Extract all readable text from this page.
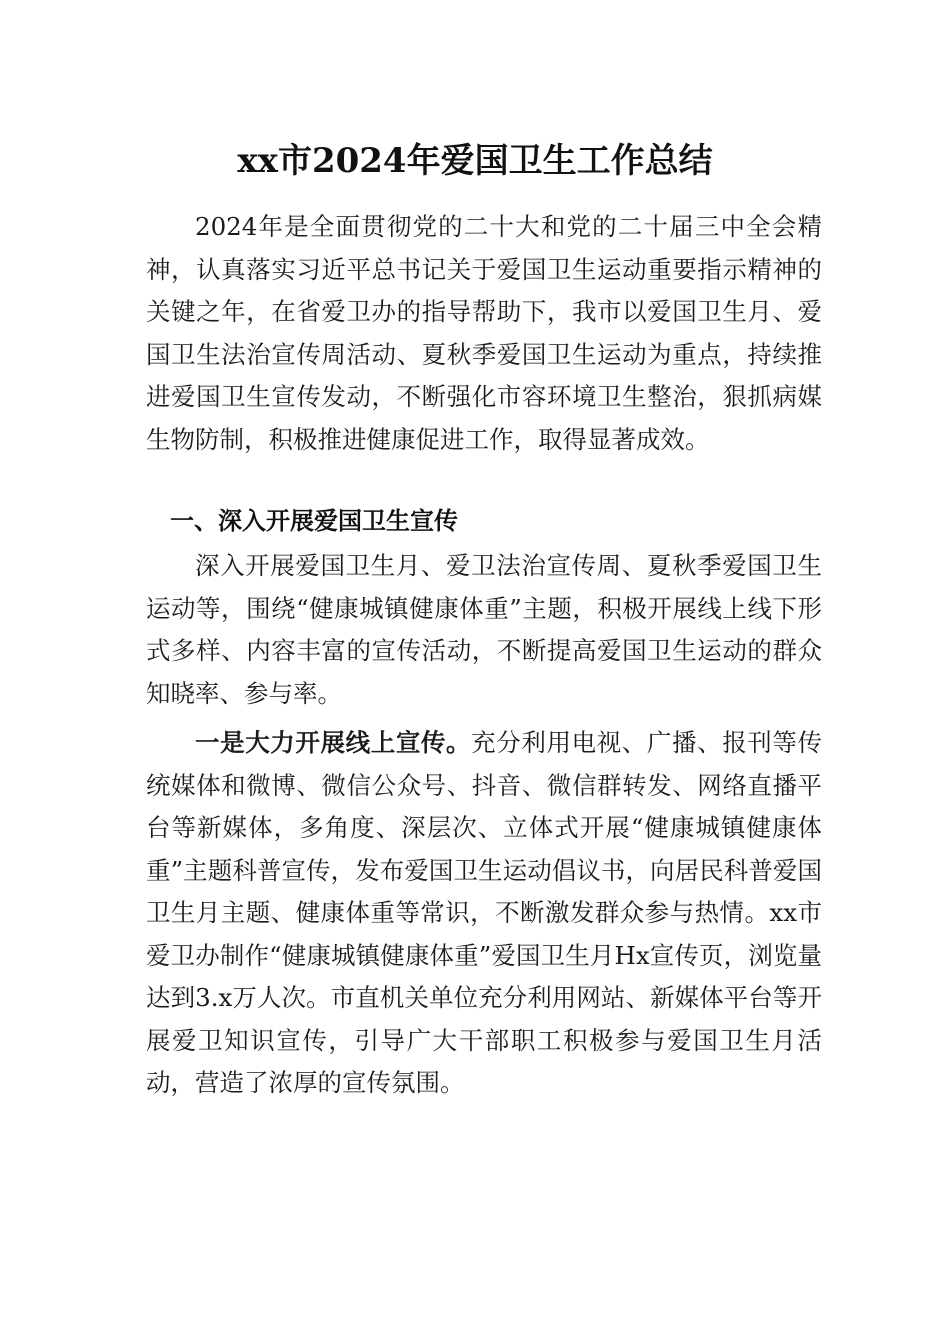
xx市2024年爱国卫生工作总结

2024年是全面贯彻党的二十大和党的二十届三中全会精神，认真落实习近平总书记关于爱国卫生运动重要指示精神的关键之年，在省爱卫办的指导帮助下，我市以爱国卫生月、爱国卫生法治宣传周活动、夏秋季爱国卫生运动为重点，持续推进爱国卫生宣传发动，不断强化市容环境卫生整治，狠抓病媒生物防制，积极推进健康促进工作，取得显著成效。

一、深入开展爱国卫生宣传

深入开展爱国卫生月、爱卫法治宣传周、夏秋季爱国卫生运动等，围绕“健康城镇健康体重”主题，积极开展线上线下形式多样、内容丰富的宣传活动，不断提高爱国卫生运动的群众知晓率、参与率。

一是大力开展线上宣传。充分利用电视、广播、报刊等传统媒体和微博、微信公众号、抖音、微信群转发、网络直播平台等新媒体，多角度、深层次、立体式开展“健康城镇健康体重”主题科普宣传，发布爱国卫生运动倡议书，向居民科普爱国卫生月主题、健康体重等常识，不断激发群众参与热情。xx市爱卫办制作“健康城镇健康体重”爱国卫生月Hx宣传页，浏览量达到3.x万人次。市直机关单位充分利用网站、新媒体平台等开展爱卫知识宣传，引导广大干部职工积极参与爱国卫生月活动，营造了浓厚的宣传氛围。
